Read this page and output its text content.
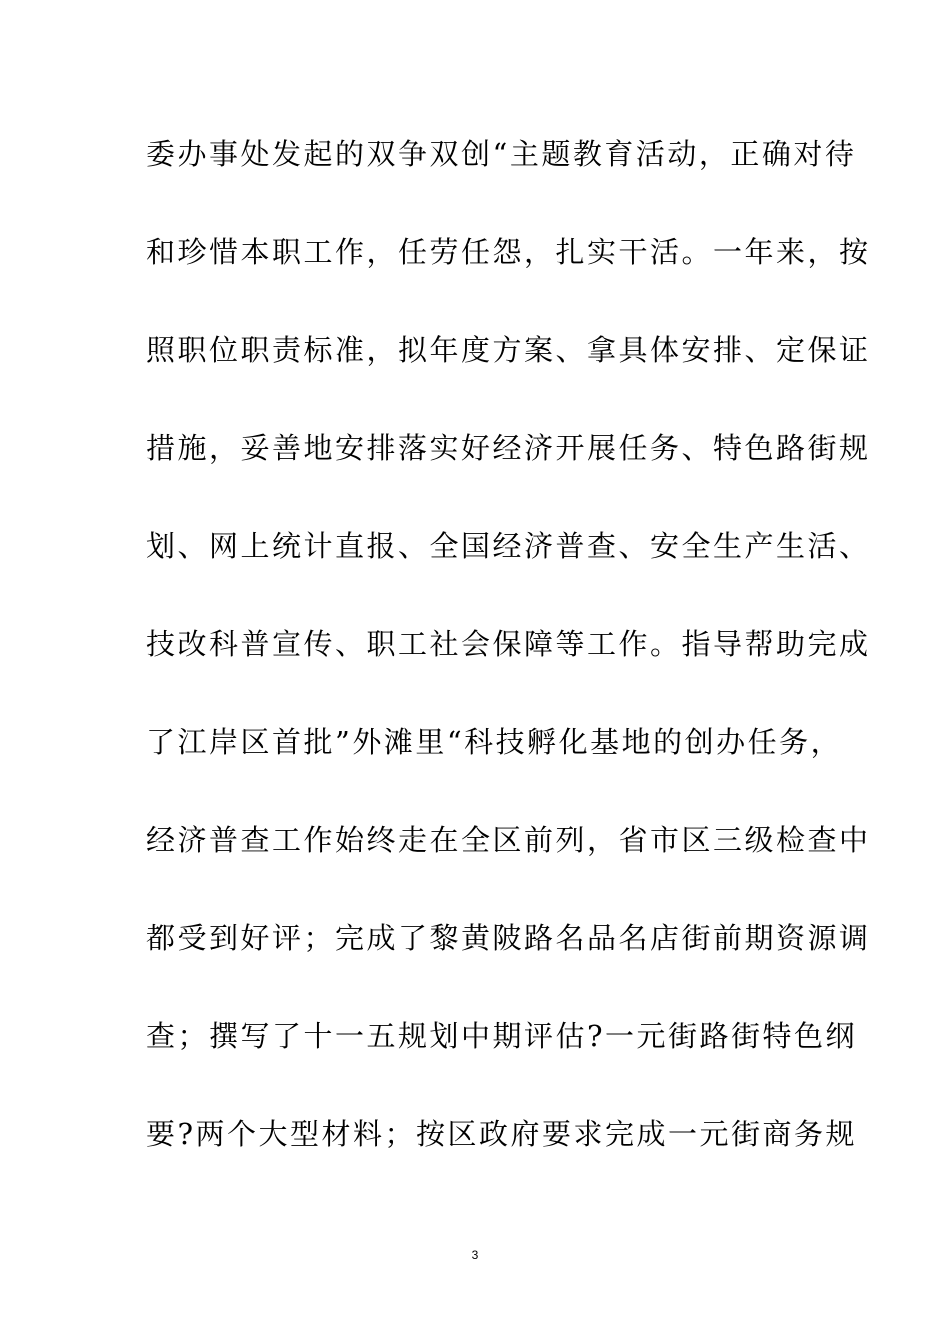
委办事处发起的双争双创“主题教育活动，正确对待
和珍惜本职工作，任劳任怨，扎实干活。一年来，按
照职位职责标准，拟年度方案、拿具体安排、定保证
措施，妥善地安排落实好经济开展任务、特色路街规
划、网上统计直报、全国经济普查、安全生产生活、
技改科普宣传、职工社会保障等工作。指导帮助完成
了江岸区首批”外滩里“科技孵化基地的创办任务，
经济普查工作始终走在全区前列，省市区三级检查中
都受到好评；完成了黎黄陂路名品名店街前期资源调
查；撰写了十一五规划中期评估?一元街路街特色纲
要?两个大型材料；按区政府要求完成一元街商务规
3
